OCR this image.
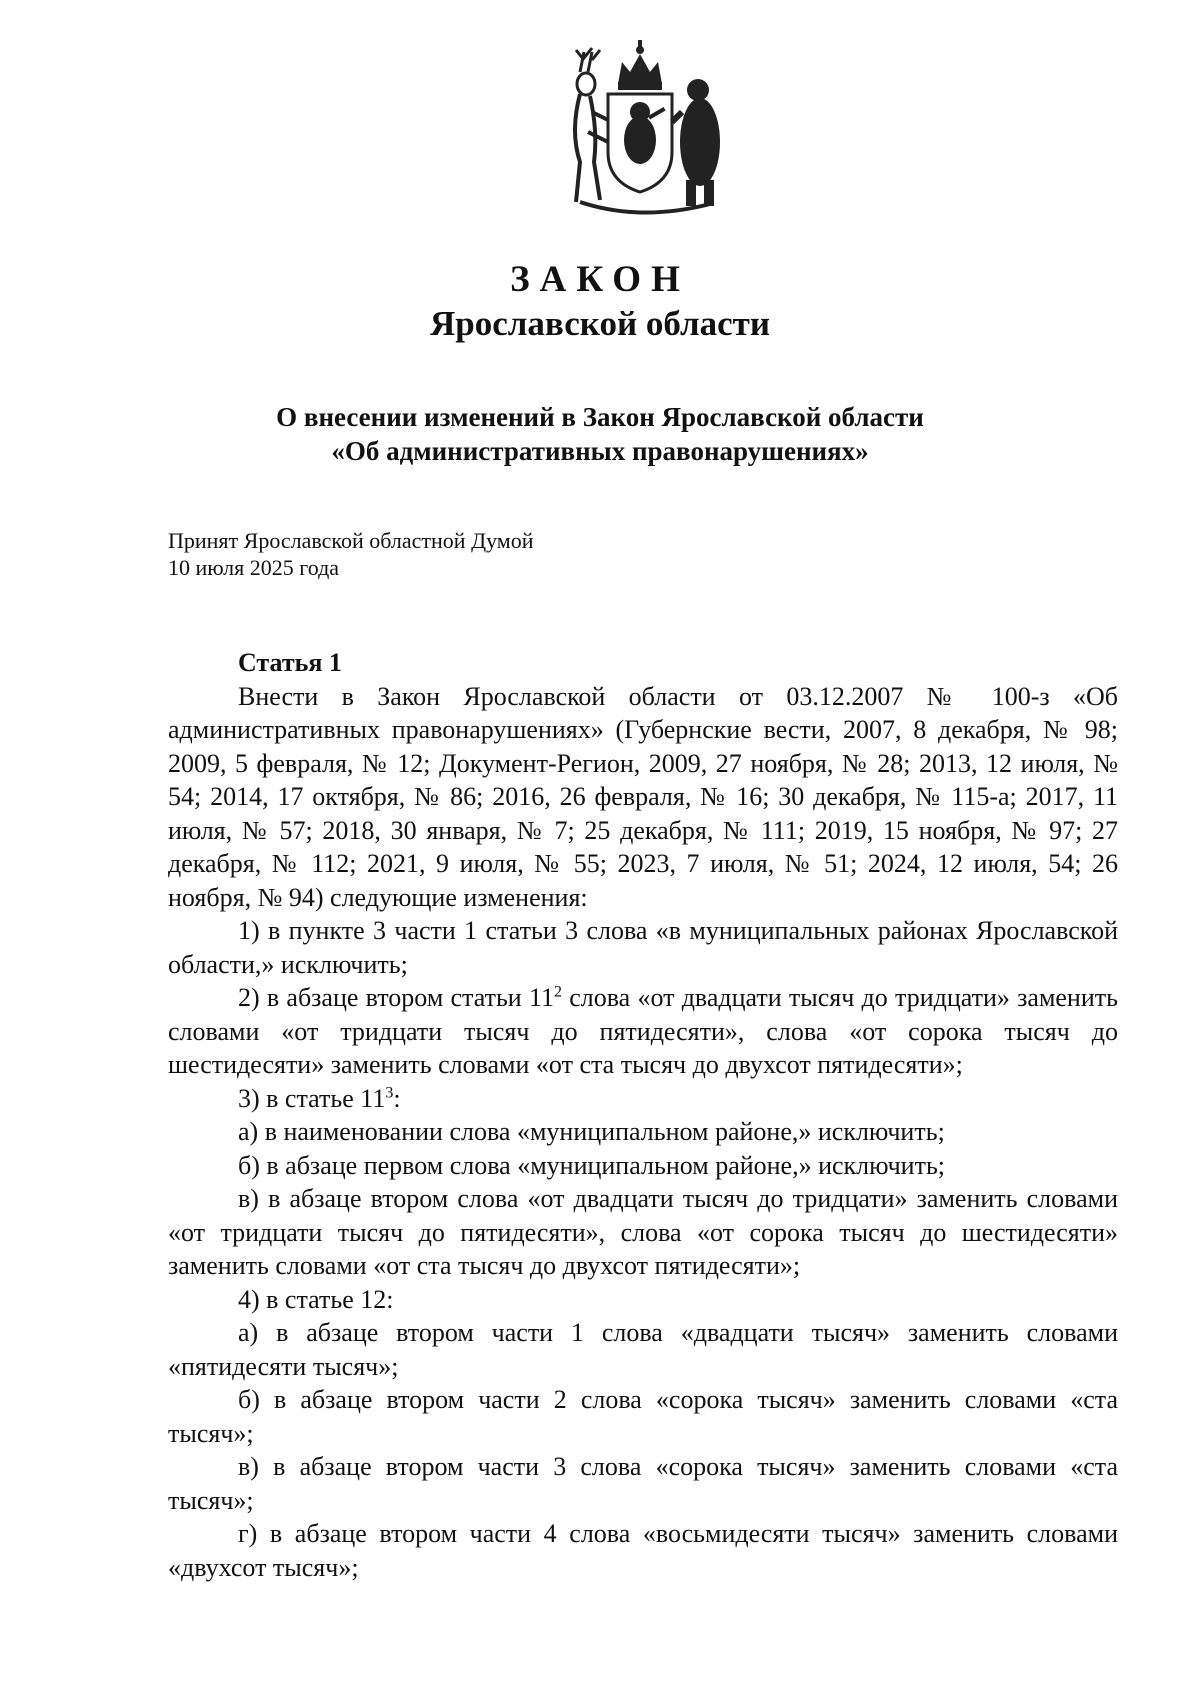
ЗАКОН
Ярославской области
О внесении изменений в Закон Ярославской области
«Об административных правонарушениях»
Принят Ярославской областной Думой
10 июля 2025 года
Статья 1

Внести в Закон Ярославской области от 03.12.2007 № 100-з «Об административных правонарушениях» (Губернские вести, 2007, 8 декабря, № 98; 2009, 5 февраля, № 12; Документ-Регион, 2009, 27 ноября, № 28; 2013, 12 июля, № 54; 2014, 17 октября, № 86; 2016, 26 февраля, № 16; 30 декабря, № 115-а; 2017, 11 июля, № 57; 2018, 30 января, № 7; 25 декабря, № 111; 2019, 15 ноября, № 97; 27 декабря, № 112; 2021, 9 июля, № 55; 2023, 7 июля, № 51; 2024, 12 июля, 54; 26 ноября, № 94) следующие изменения:

1) в пункте 3 части 1 статьи 3 слова «в муниципальных районах Ярославской области,» исключить;

2) в абзаце втором статьи $11^2$ слова «от двадцати тысяч до тридцати» заменить словами «от тридцати тысяч до пятидесяти», слова «от сорока тысяч до шестидесяти» заменить словами «от ста тысяч до двухсот пятидесяти»;

3) в статье $11^3$:

а) в наименовании слова «муниципальном районе,» исключить;

б) в абзаце первом слова «муниципальном районе,» исключить;

в) в абзаце втором слова «от двадцати тысяч до тридцати» заменить словами «от тридцати тысяч до пятидесяти», слова «от сорока тысяч до шестидесяти» заменить словами «от ста тысяч до двухсот пятидесяти»;

4) в статье 12:

а) в абзаце втором части 1 слова «двадцати тысяч» заменить словами «пятидесяти тысяч»;

б) в абзаце втором части 2 слова «сорока тысяч» заменить словами «ста тысяч»;

в) в абзаце втором части 3 слова «сорока тысяч» заменить словами «ста тысяч»;

г) в абзаце втором части 4 слова «восьмидесяти тысяч» заменить словами «двухсот тысяч»;
